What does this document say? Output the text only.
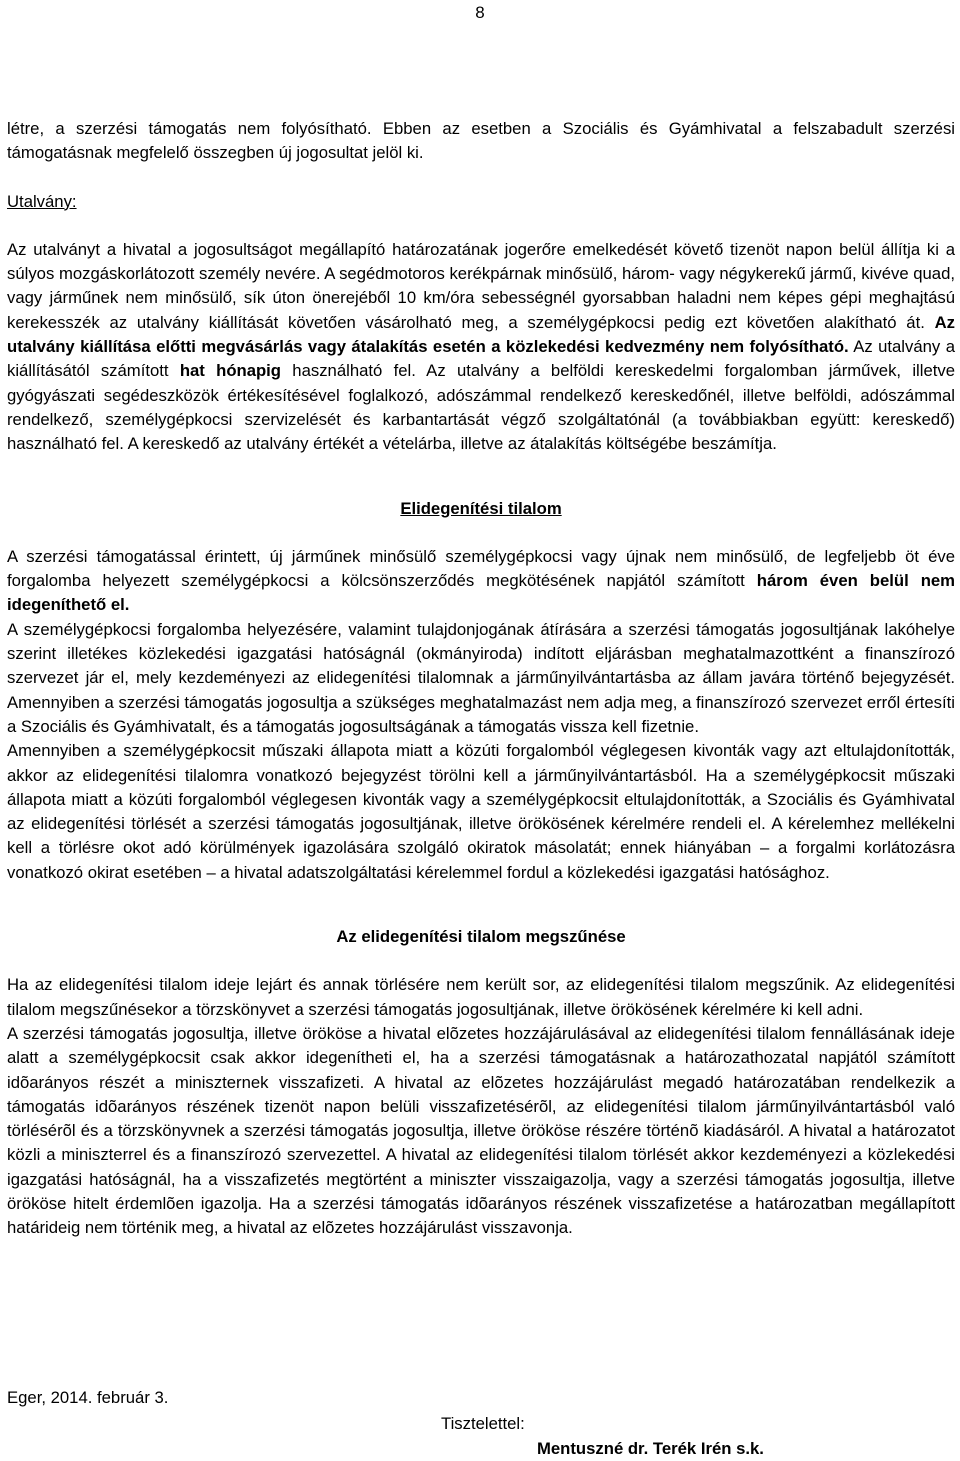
8

létre, a szerzési támogatás nem folyósítható. Ebben az esetben a Szociális és Gyámhivatal a felszabadult szerzési támogatásnak megfelelő összegben új jogosultat jelöl ki.

Utalvány:

Az utalványt a hivatal a jogosultságot megállapító határozatának jogerőre emelkedését követő tizenöt napon belül állítja ki a súlyos mozgáskorlátozott személy nevére. A segédmotoros kerékpárnak minősülő, három- vagy négykerekű jármű, kivéve quad, vagy járműnek nem minősülő, sík úton önerejéből 10 km/óra sebességnél gyorsabban haladni nem képes gépi meghajtású kerekesszék az utalvány kiállítását követően vásárolható meg, a személygépkocsi pedig ezt követően alakítható át. Az utalvány kiállítása előtti megvásárlás vagy átalakítás esetén a közlekedési kedvezmény nem folyósítható. Az utalvány a kiállításától számított hat hónapig használható fel. Az utalvány a belföldi kereskedelmi forgalomban járművek, illetve gyógyászati segédeszközök értékesítésével foglalkozó, adószámmal rendelkező kereskedőnél, illetve belföldi, adószámmal rendelkező, személygépkocsi szervizelését és karbantartását végző szolgáltatónál (a továbbiakban együtt: kereskedő) használható fel. A kereskedő az utalvány értékét a vételárba, illetve az átalakítás költségébe beszámítja.

Elidegenítési tilalom

A szerzési támogatással érintett, új járműnek minősülő személygépkocsi vagy újnak nem minősülő, de legfeljebb öt éve forgalomba helyezett személygépkocsi a kölcsönszerződés megkötésének napjától számított három éven belül nem idegeníthető el.

A személygépkocsi forgalomba helyezésére, valamint tulajdonjogának átírására a szerzési támogatás jogosultjának lakóhelye szerint illetékes közlekedési igazgatási hatóságnál (okmányiroda) indított eljárásban meghatalmazottként a finanszírozó szervezet jár el, mely kezdeményezi az elidegenítési tilalomnak a járműnyilvántartásba az állam javára történő bejegyzését. Amennyiben a szerzési támogatás jogosultja a szükséges meghatalmazást nem adja meg, a finanszírozó szervezet erről értesíti a Szociális és Gyámhivatalt, és a támogatás jogosultságának a támogatás vissza kell fizetnie.

Amennyiben a személygépkocsit műszaki állapota miatt a közúti forgalomból véglegesen kivonták vagy azt eltulajdonították, akkor az elidegenítési tilalomra vonatkozó bejegyzést törölni kell a járműnyilvántartásból. Ha a személygépkocsit műszaki állapota miatt a közúti forgalomból véglegesen kivonták vagy a személygépkocsit eltulajdonították, a Szociális és Gyámhivatal az elidegenítési törlését a szerzési támogatás jogosultjának, illetve örökösének kérelmére rendeli el. A kérelemhez mellékelni kell a törlésre okot adó körülmények igazolására szolgáló okiratok másolatát; ennek hiányában – a forgalmi korlátozásra vonatkozó okirat esetében – a hivatal adatszolgáltatási kérelemmel fordul a közlekedési igazgatási hatósághoz.

Az elidegenítési tilalom megszűnése

Ha az elidegenítési tilalom ideje lejárt és annak törlésére nem került sor, az elidegenítési tilalom megszűnik. Az elidegenítési tilalom megszűnésekor a törzskönyvet a szerzési támogatás jogosultjának, illetve örökösének kérelmére ki kell adni.

A szerzési támogatás jogosultja, illetve örököse a hivatal elõzetes hozzájárulásával az elidegenítési tilalom fennállásának ideje alatt a személygépkocsit csak akkor idegenítheti el, ha a szerzési támogatásnak a határozathozatal napjától számított idõarányos részét a miniszternek visszafizeti. A hivatal az elõzetes hozzájárulást megadó határozatában rendelkezik a támogatás idõarányos részének tizenöt napon belüli visszafizetésérõl, az elidegenítési tilalom járműnyilvántartásból való törlésérõl és a törzskönyvnek a szerzési támogatás jogosultja, illetve örököse részére történõ kiadásáról. A hivatal a határozatot közli a miniszterrel és a finanszírozó szervezettel. A hivatal az elidegenítési tilalom törlését akkor kezdeményezi a közlekedési igazgatási hatóságnál, ha a visszafizetés megtörtént a miniszter visszaigazolja, vagy a szerzési támogatás jogosultja, illetve örököse hitelt érdemlõen igazolja. Ha a szerzési támogatás idõarányos részének visszafizetése a határozatban megállapított határideig nem történik meg, a hivatal az elõzetes hozzájárulást visszavonja.

Eger, 2014. február 3.
Tisztelettel:
Mentuszné dr. Terék Irén s.k.
